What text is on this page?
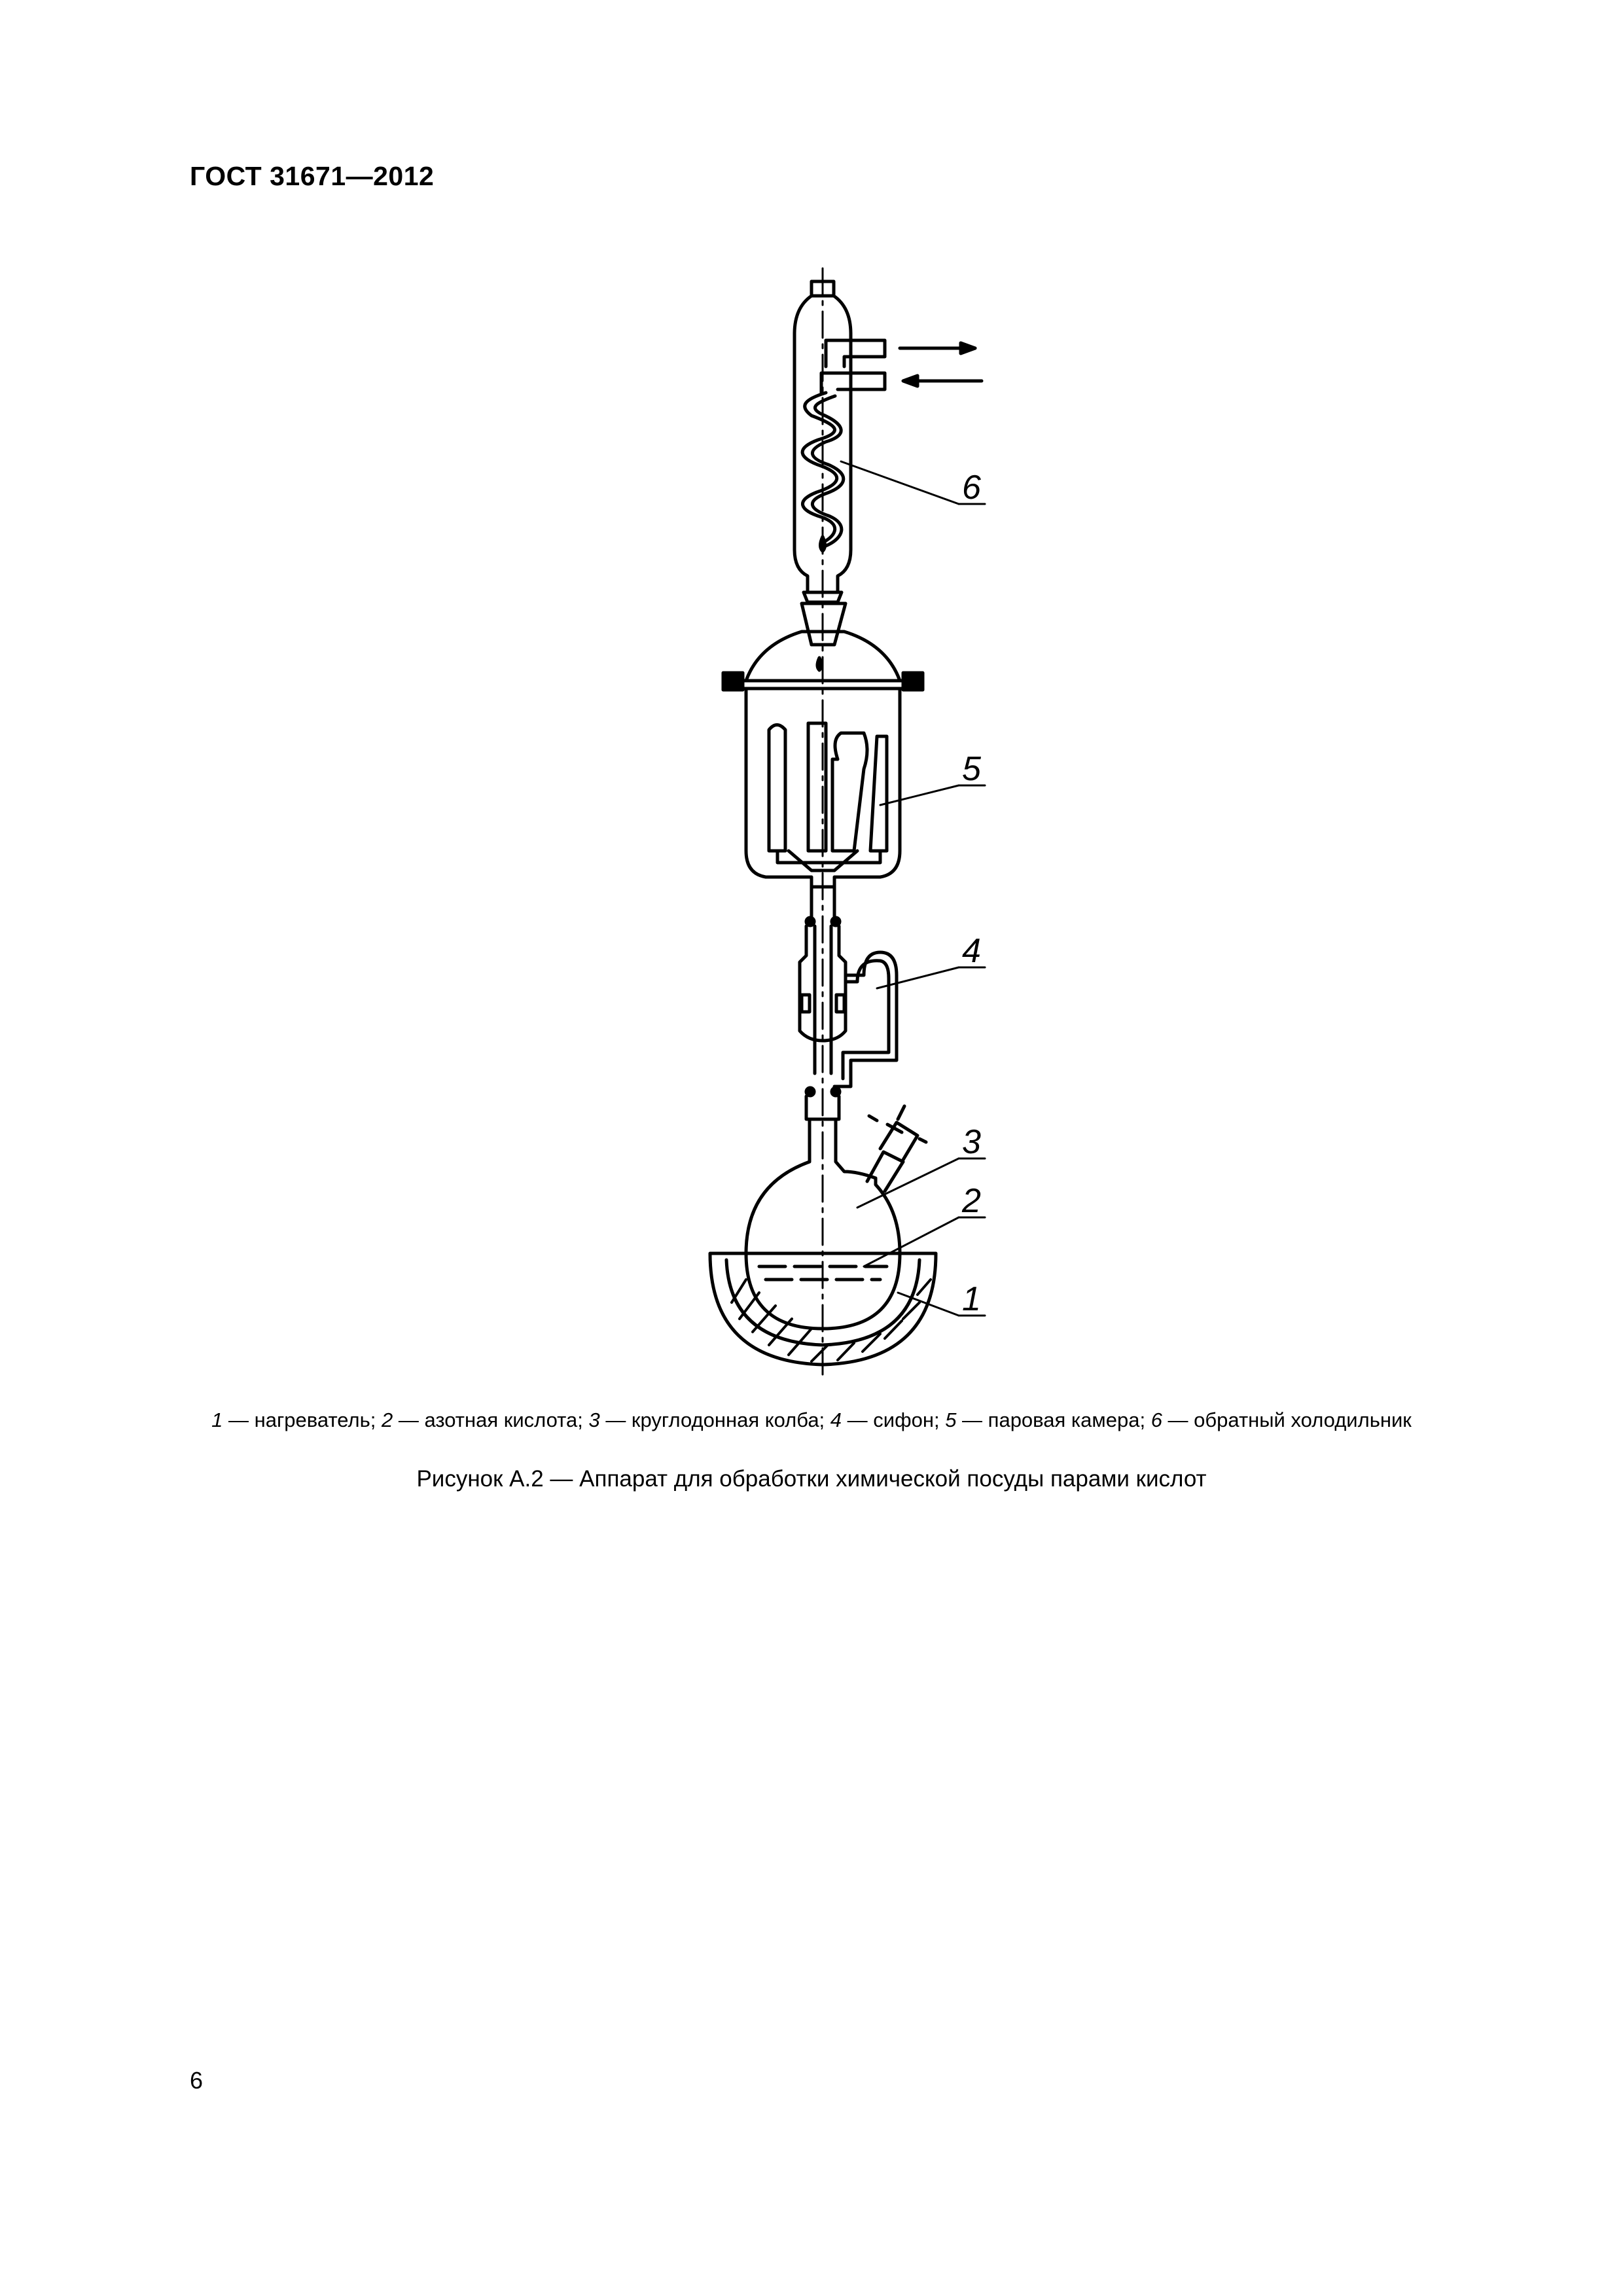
ГОСТ 31671—2012
6
5
4
3
2
1
1 — нагреватель; 2 — азотная кислота; 3 — круглодонная колба; 4 — сифон; 5 — паровая камера; 6 — обратный холодильник
Рисунок А.2 — Аппарат для обработки химической посуды парами кислот
6
